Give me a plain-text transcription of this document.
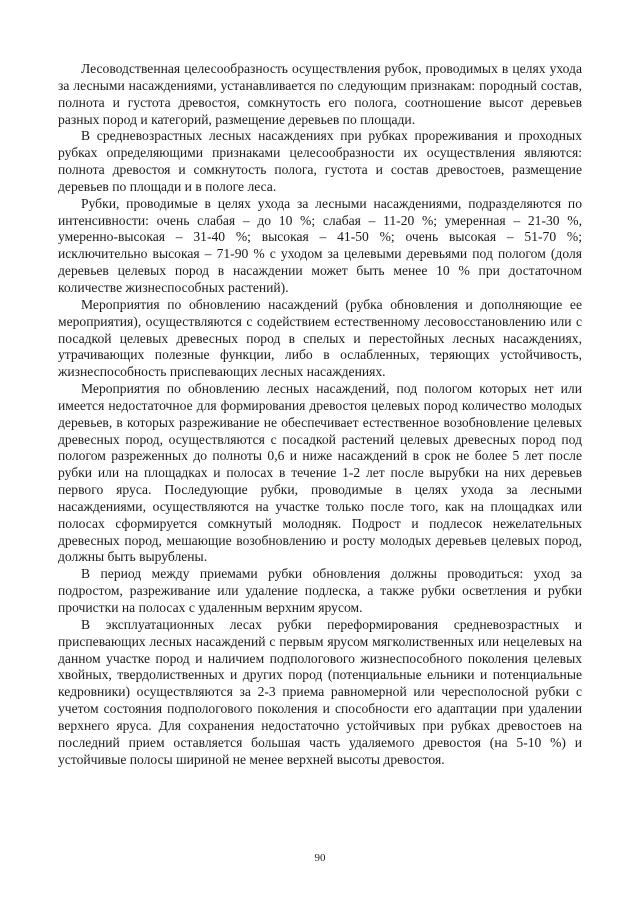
Лесоводственная целесообразность осуществления рубок, проводимых в целях ухода за лесными насаждениями, устанавливается по следующим признакам: породный состав, полнота и густота древостоя, сомкнутость его полога, соотношение высот деревьев разных пород и категорий, размещение деревьев по площади.

В средневозрастных лесных насаждениях при рубках прореживания и проходных рубках определяющими признаками целесообразности их осуществления являются: полнота древостоя и сомкнутость полога, густота и состав древостоев, размещение деревьев по площади и в пологе леса.

Рубки, проводимые в целях ухода за лесными насаждениями, подразделяются по интенсивности: очень слабая – до 10 %; слабая – 11-20 %; умеренная – 21-30 %, умеренно-высокая – 31-40 %; высокая – 41-50 %; очень высокая – 51-70 %; исключительно высокая – 71-90 % с уходом за целевыми деревьями под пологом (доля деревьев целевых пород в насаждении может быть менее 10 % при достаточном количестве жизнеспособных растений).

Мероприятия по обновлению насаждений (рубка обновления и дополняющие ее мероприятия), осуществляются с содействием естественному лесовосстановлению или с посадкой целевых древесных пород в спелых и перестойных лесных насаждениях, утрачивающих полезные функции, либо в ослабленных, теряющих устойчивость, жизнеспособность приспевающих лесных насаждениях.

Мероприятия по обновлению лесных насаждений, под пологом которых нет или имеется недостаточное для формирования древостоя целевых пород количество молодых деревьев, в которых разреживание не обеспечивает естественное возобновление целевых древесных пород, осуществляются с посадкой растений целевых древесных пород под пологом разреженных до полноты 0,6 и ниже насаждений в срок не более 5 лет после рубки или на площадках и полосах в течение 1-2 лет после вырубки на них деревьев первого яруса. Последующие рубки, проводимые в целях ухода за лесными насаждениями, осуществляются на участке только после того, как на площадках или полосах сформируется сомкнутый молодняк. Подрост и подлесок нежелательных древесных пород, мешающие возобновлению и росту молодых деревьев целевых пород, должны быть вырублены.

В период между приемами рубки обновления должны проводиться: уход за подростом, разреживание или удаление подлеска, а также рубки осветления и рубки прочистки на полосах с удаленным верхним ярусом.

В эксплуатационных лесах рубки переформирования средневозрастных и приспевающих лесных насаждений с первым ярусом мягколиственных или нецелевых на данном участке пород и наличием подпологового жизнеспособного поколения целевых хвойных, твердолиственных и других пород (потенциальные ельники и потенциальные кедровники) осуществляются за 2-3 приема равномерной или чересполосной рубки с учетом состояния подпологового поколения и способности его адаптации при удалении верхнего яруса. Для сохранения недостаточно устойчивых при рубках древостоев на последний прием оставляется большая часть удаляемого древостоя (на 5-10 %) и устойчивые полосы шириной не менее верхней высоты древостоя.

90
